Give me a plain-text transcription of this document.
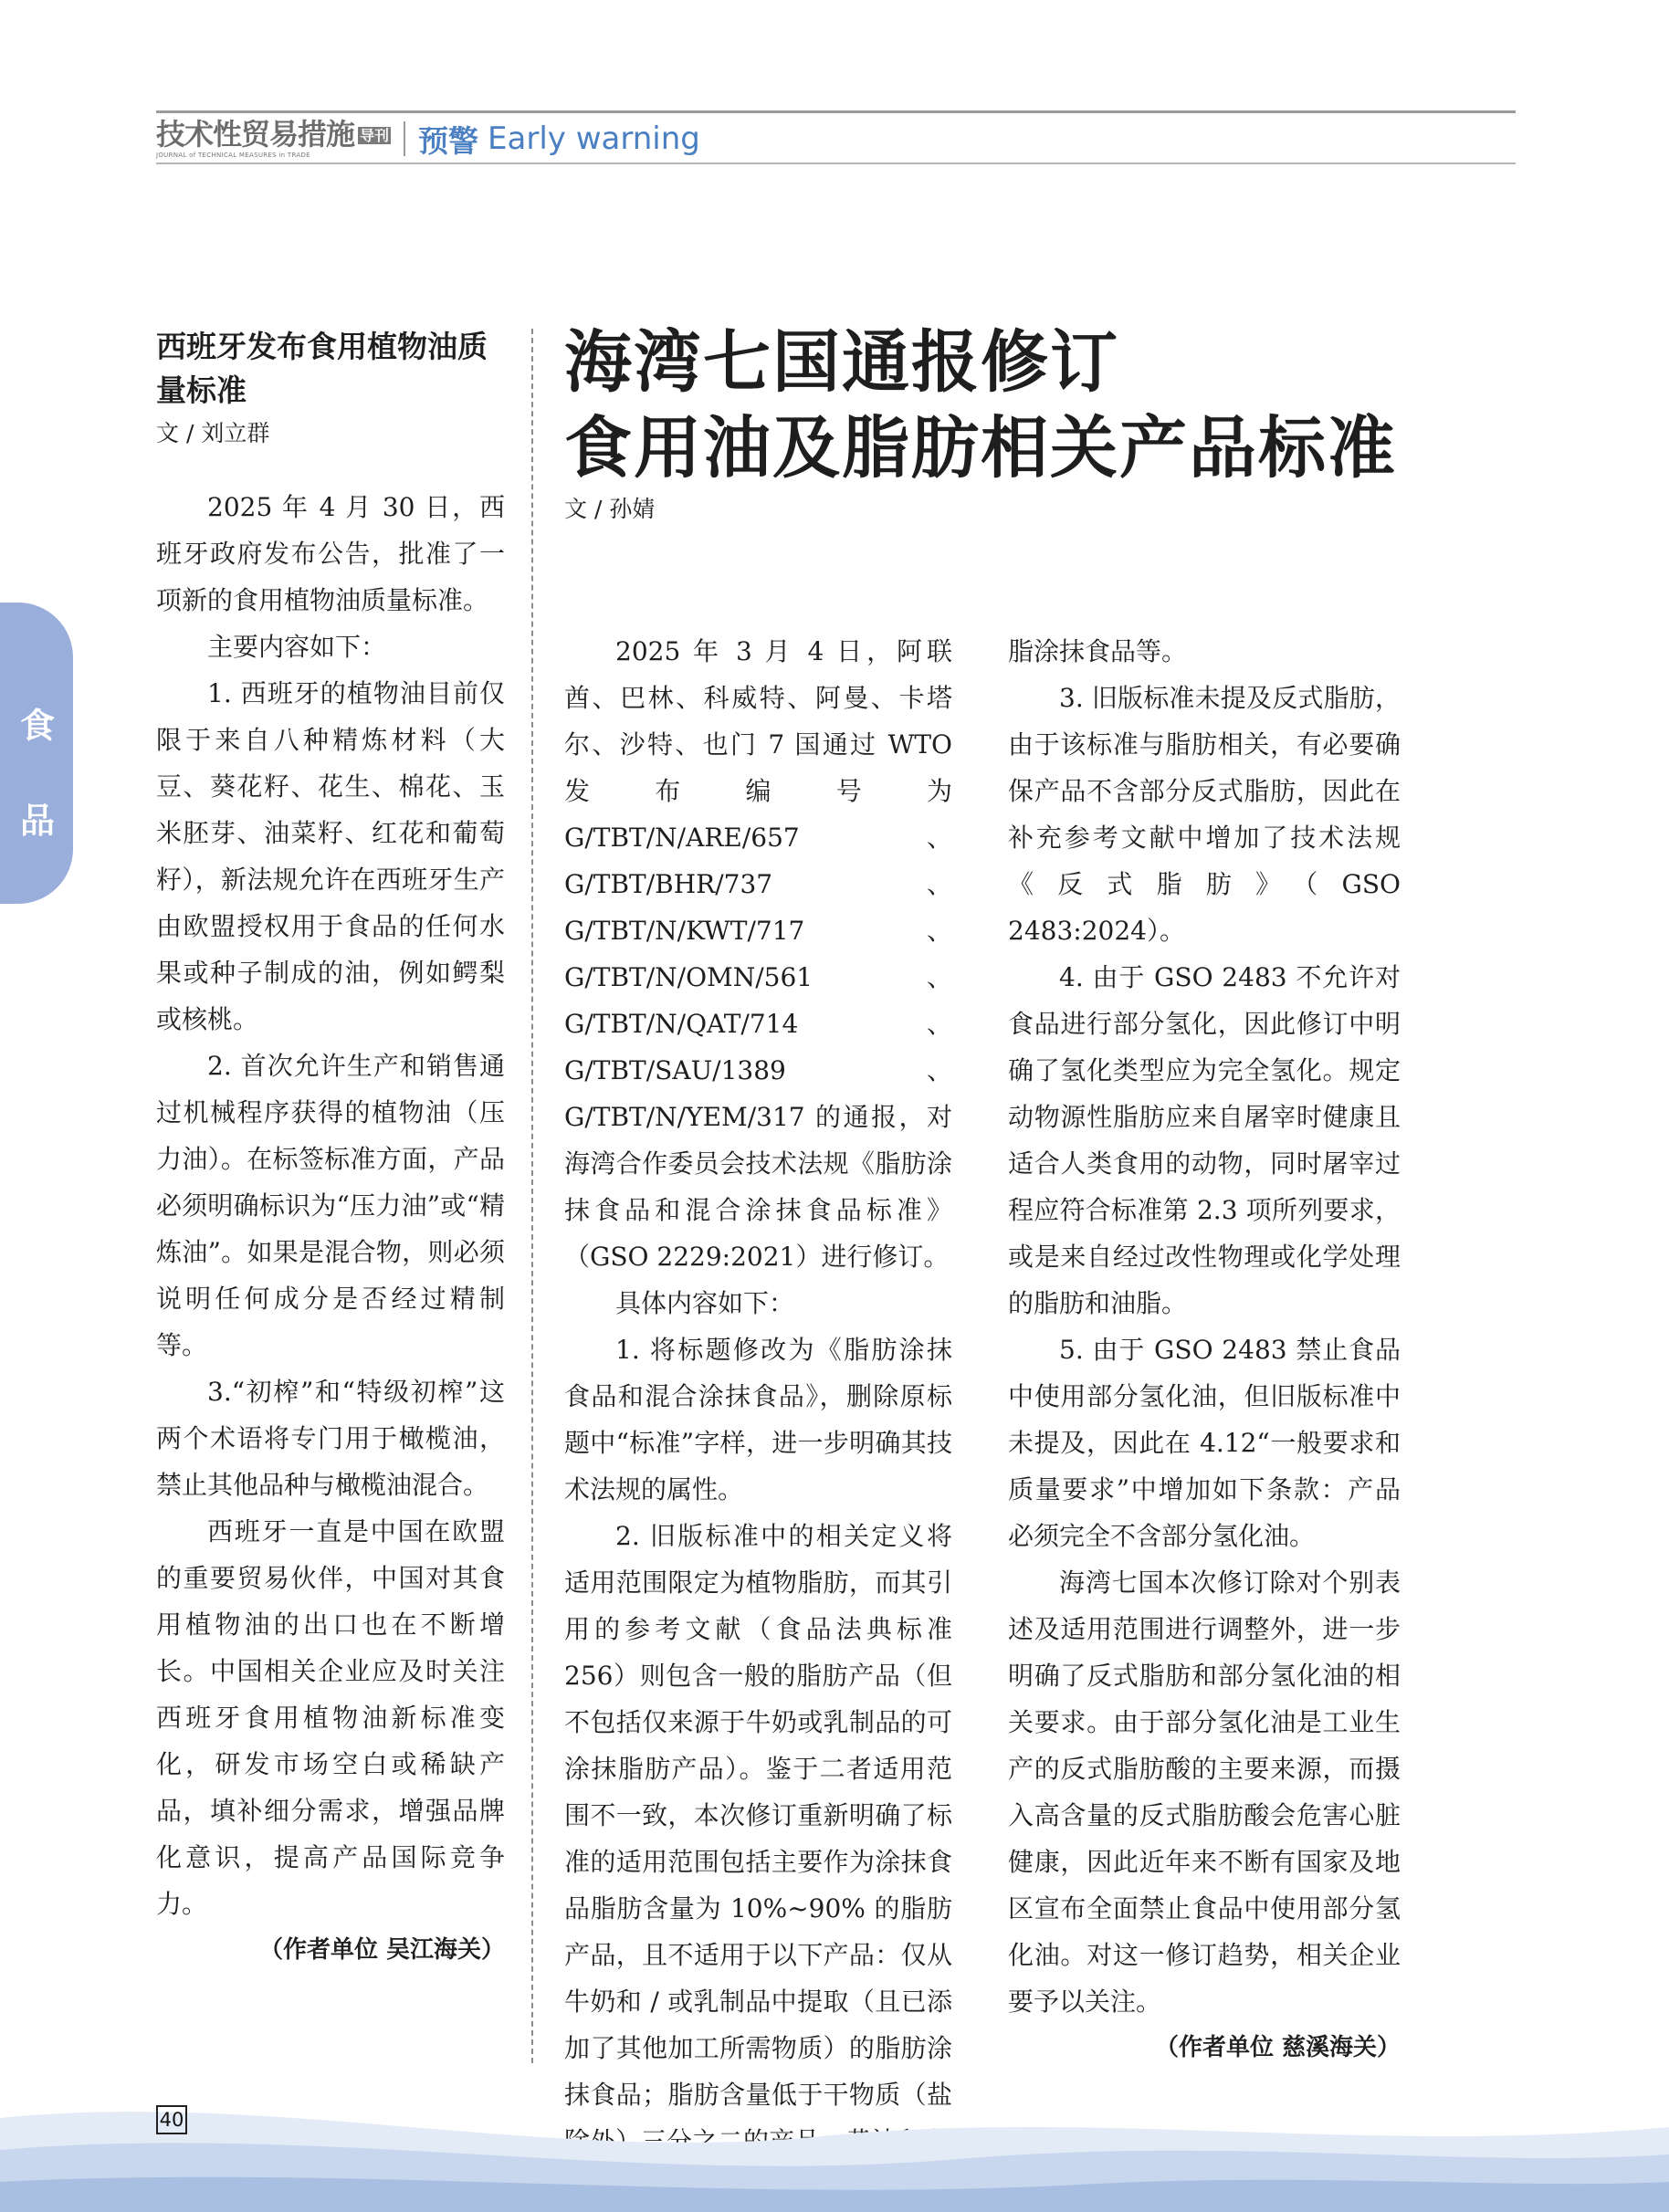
技术性贸易措施 导刊
JOURNAL of TECHNICAL MEASURES in TRADE	预警 Early warning
食
品
西班牙发布食用植物油质量标准
文 / 刘立群

2025 年 4 月 30 日，西班牙政府发布公告，批准了一项新的食用植物油质量标准。

主要内容如下：

1. 西班牙的植物油目前仅限于来自八种精炼材料（大豆、葵花籽、花生、棉花、玉米胚芽、油菜籽、红花和葡萄籽），新法规允许在西班牙生产由欧盟授权用于食品的任何水果或种子制成的油，例如鳄梨或核桃。

2. 首次允许生产和销售通过机械程序获得的植物油（压力油）。在标签标准方面，产品必须明确标识为“压力油”或“精炼油”。如果是混合物，则必须说明任何成分是否经过精制等。

3.“初榨”和“特级初榨”这两个术语将专门用于橄榄油，禁止其他品种与橄榄油混合。

西班牙一直是中国在欧盟的重要贸易伙伴，中国对其食用植物油的出口也在不断增长。中国相关企业应及时关注西班牙食用植物油新标准变化，研发市场空白或稀缺产品，填补细分需求，增强品牌化意识，提高产品国际竞争力。

（作者单位 吴江海关）

海湾七国通报修订
食用油及脂肪相关产品标准
文 / 孙婧

2025 年 3 月 4 日，阿联酋、巴林、科威特、阿曼、卡塔尔、沙特、也门 7 国通过 WTO 发布编号为 G/TBT/N/ARE/657、G/TBT/BHR/737、G/TBT/N/KWT/717、G/TBT/N/OMN/561、G/TBT/N/QAT/714、G/TBT/SAU/1389、G/TBT/N/YEM/317 的通报，对海湾合作委员会技术法规《脂肪涂抹食品和混合涂抹食品标准》（GSO 2229:2021）进行修订。

具体内容如下：

1. 将标题修改为《脂肪涂抹食品和混合涂抹食品》，删除原标题中“标准”字样，进一步明确其技术法规的属性。

2. 旧版标准中的相关定义将适用范围限定为植物脂肪，而其引用的参考文献（食品法典标准 256）则包含一般的脂肪产品（但不包括仅来源于牛奶或乳制品的可涂抹脂肪产品）。鉴于二者适用范围不一致，本次修订重新明确了标准的适用范围包括主要作为涂抹食品脂肪含量为 10%~90% 的脂肪产品，且不适用于以下产品：仅从牛奶和 / 或乳制品中提取（且已添加了其他加工所需物质）的脂肪涂抹食品；脂肪含量低于干物质（盐 外）三分之二的

脂涂抹食品等。

3. 旧版标准未提及反式脂肪，由于该标准与脂肪相关，有必要确保产品不含部分反式脂肪，因此在补充参考文献中增加了技术法规《反式脂肪》（GSO 2483:2024）。

4. 由于 GSO 2483 不允许对食品进行部分氢化，因此修订中明确了氢化类型应为完全氢化。规定动物源性脂肪应来自屠宰时健康且适合人类食用的动物，同时屠宰过程应符合标准第 2.3 项所列要求，或是来自经过改性物理或化学处理的脂肪和油脂。

5. 由于 GSO 2483 禁止食品中使用部分氢化油，但旧版标准中未提及，因此在 4.12“一般要求和质量要求”中增加如下条款：产品必须完全不含部分氢化油。

海湾七国本次修订除对个别表述及适用范围进行调整外，进一步明确了反式脂肪和部分氢化油的相关要求。由于部分氢化油是工业生产的反式脂肪酸的主要来源，而摄入高含量的反式脂肪酸会危害心脏健康，因此近年来不断有国家及地区宣布全面禁止食品中使用部分氢化油。对这一修订趋势，相关企业要予以关注。

（作者单位 慈溪海关）

40
